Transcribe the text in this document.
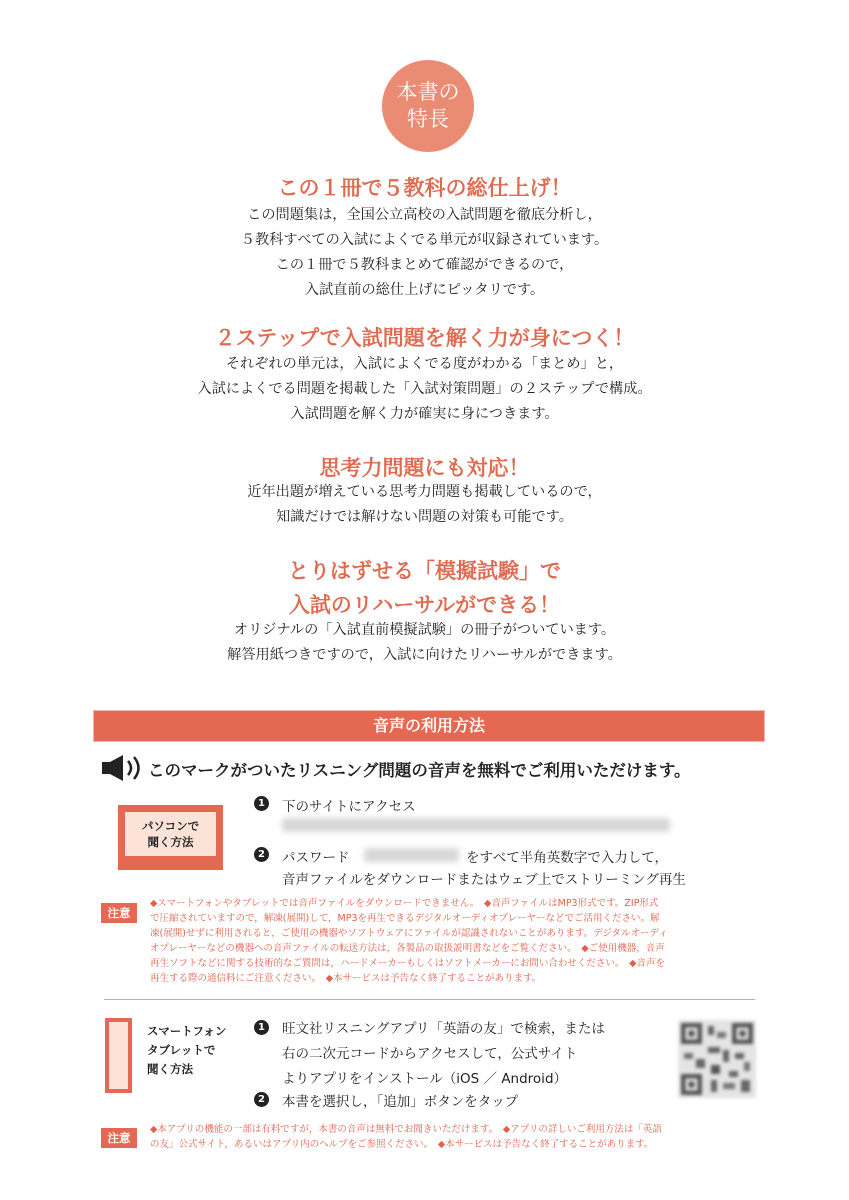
本書の
特長
この１冊で５教科の総仕上げ！
この問題集は，全国公立高校の入試問題を徹底分析し，
５教科すべての入試によくでる単元が収録されています。
この１冊で５教科まとめて確認ができるので，
入試直前の総仕上げにピッタリです。
２ステップで入試問題を解く力が身につく！
それぞれの単元は，入試によくでる度がわかる「まとめ」と，
入試によくでる問題を掲載した「入試対策問題」の２ステップで構成。
入試問題を解く力が確実に身につきます。
思考力問題にも対応！
近年出題が増えている思考力問題も掲載しているので，
知識だけでは解けない問題の対策も可能です。
とりはずせる「模擬試験」で
入試のリハーサルができる！
オリジナルの「入試直前模擬試験」の冊子がついています。
解答用紙つきですので，入試に向けたリハーサルができます。
音声の利用方法
このマークがついたリスニング問題の音声を無料でご利用いただけます。
パソコンで
聞く方法
1 下のサイトにアクセス
2 パスワード	をすべて半角英数字で入力して，
音声ファイルをダウンロードまたはウェブ上でストリーミング再生
注意
◆スマートフォンやタブレットでは音声ファイルをダウンロードできません。　◆音声ファイルはMP3形式です。ZIP形式
で圧縮されていますので，解凍(展開)して，MP3を再生できるデジタルオーディオプレーヤーなどでご活用ください。解
凍(展開)せずに利用されると，ご使用の機器やソフトウェアにファイルが認識されないことがあります。デジタルオーディ
オプレーヤーなどの機器への音声ファイルの転送方法は，各製品の取扱説明書などをご覧ください。　◆ご使用機器，音声
再生ソフトなどに関する技術的なご質問は，ハードメーカーもしくはソフトメーカーにお問い合わせください。　◆音声を
再生する際の通信料にご注意ください。　◆本サービスは予告なく終了することがあります。
スマートフォン
タブレットで
聞く方法
1 旺文社リスニングアプリ「英語の友」で検索，または
右の二次元コードからアクセスして，公式サイト
よりアプリをインストール（iOS ／ Android）
2 本書を選択し，「追加」ボタンをタップ
注意
◆本アプリの機能の一部は有料ですが，本書の音声は無料でお聞きいただけます。　◆アプリの詳しいご利用方法は「英語
の友」公式サイト，あるいはアプリ内のヘルプをご参照ください。　◆本サービスは予告なく終了することがあります。
